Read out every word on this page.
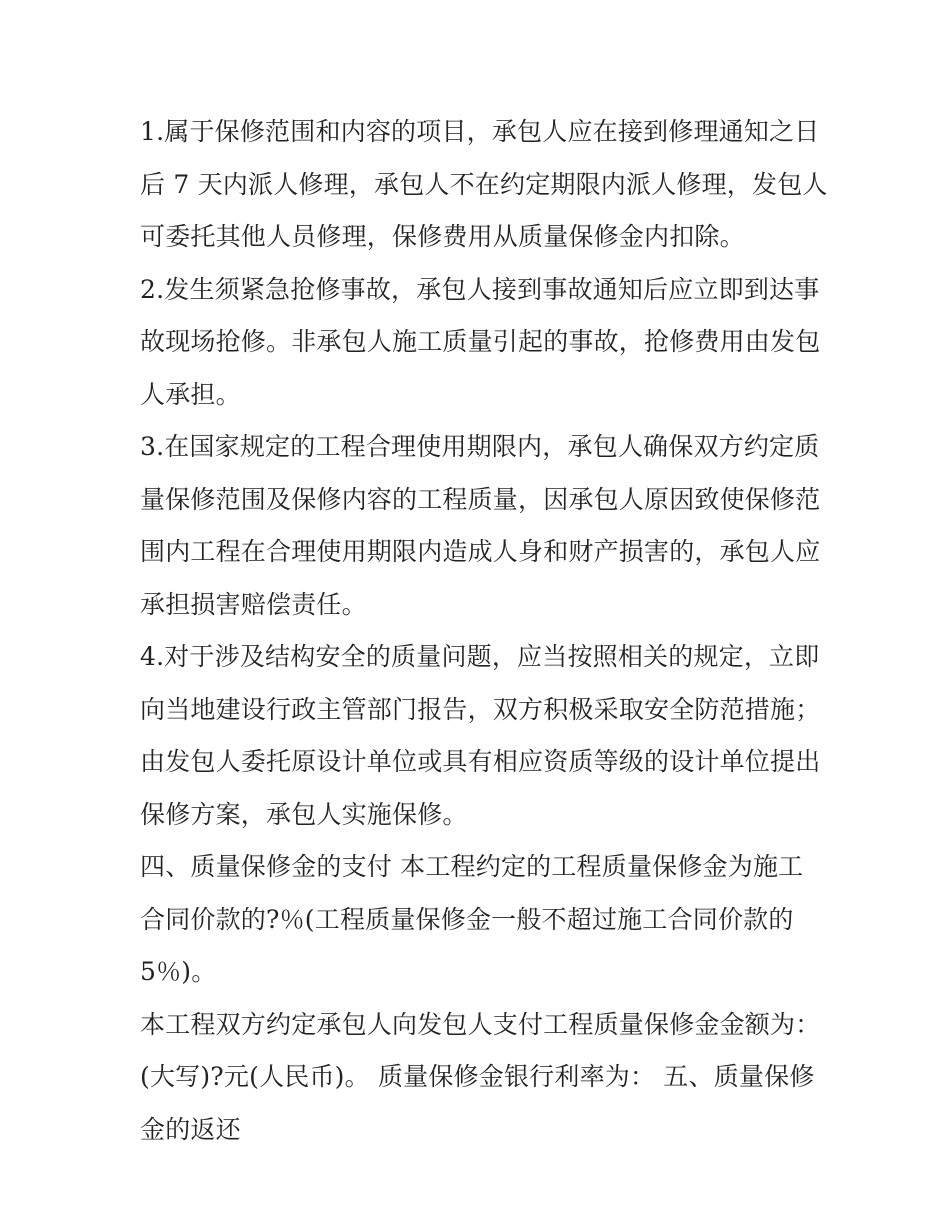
1.属于保修范围和内容的项目，承包人应在接到修理通知之日
后 7 天内派人修理，承包人不在约定期限内派人修理，发包人
可委托其他人员修理，保修费用从质量保修金内扣除。
2.发生须紧急抢修事故，承包人接到事故通知后应立即到达事
故现场抢修。非承包人施工质量引起的事故，抢修费用由发包
人承担。
3.在国家规定的工程合理使用期限内，承包人确保双方约定质
量保修范围及保修内容的工程质量，因承包人原因致使保修范
围内工程在合理使用期限内造成人身和财产损害的，承包人应
承担损害赔偿责任。
4.对于涉及结构安全的质量问题，应当按照相关的规定，立即
向当地建设行政主管部门报告，双方积极采取安全防范措施；
由发包人委托原设计单位或具有相应资质等级的设计单位提出
保修方案，承包人实施保修。
四、质量保修金的支付 本工程约定的工程质量保修金为施工
合同价款的?％(工程质量保修金一般不超过施工合同价款的
5％)。
本工程双方约定承包人向发包人支付工程质量保修金金额为：
(大写)?元(人民币)。 质量保修金银行利率为： 五、质量保修
金的返还
